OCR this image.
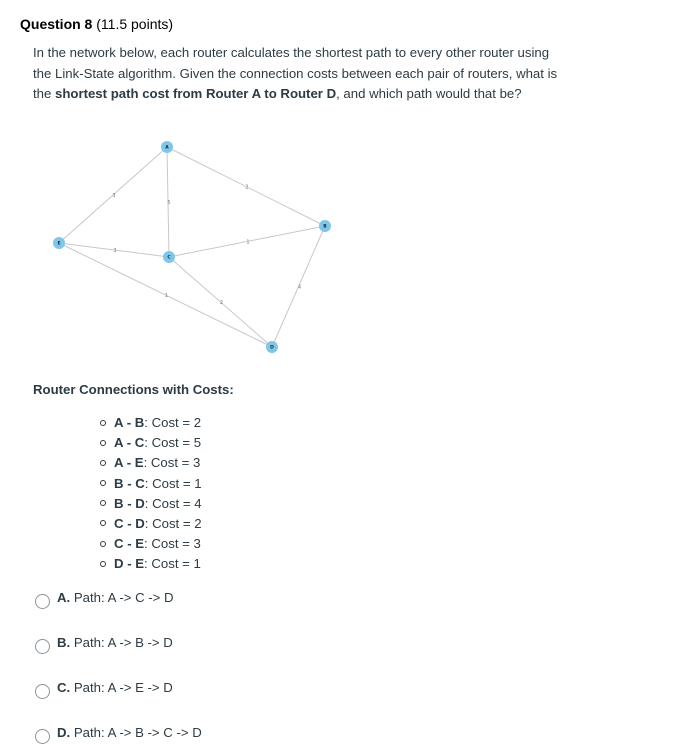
Question 8 (11.5 points)
In the network below, each router calculates the shortest path to every other router using the Link-State algorithm. Given the connection costs between each pair of routers, what is the shortest path cost from Router A to Router D, and which path would that be?
2
5
3
1
4
2
3
1
A
B
C
D
E
Router Connections with Costs:
A - B: Cost = 2
A - C: Cost = 5
A - E: Cost = 3
B - C: Cost = 1
B - D: Cost = 4
C - D: Cost = 2
C - E: Cost = 3
D - E: Cost = 1
A. Path: A -> C -> D
B. Path: A -> B -> D
C. Path: A -> E -> D
D. Path: A -> B -> C -> D
